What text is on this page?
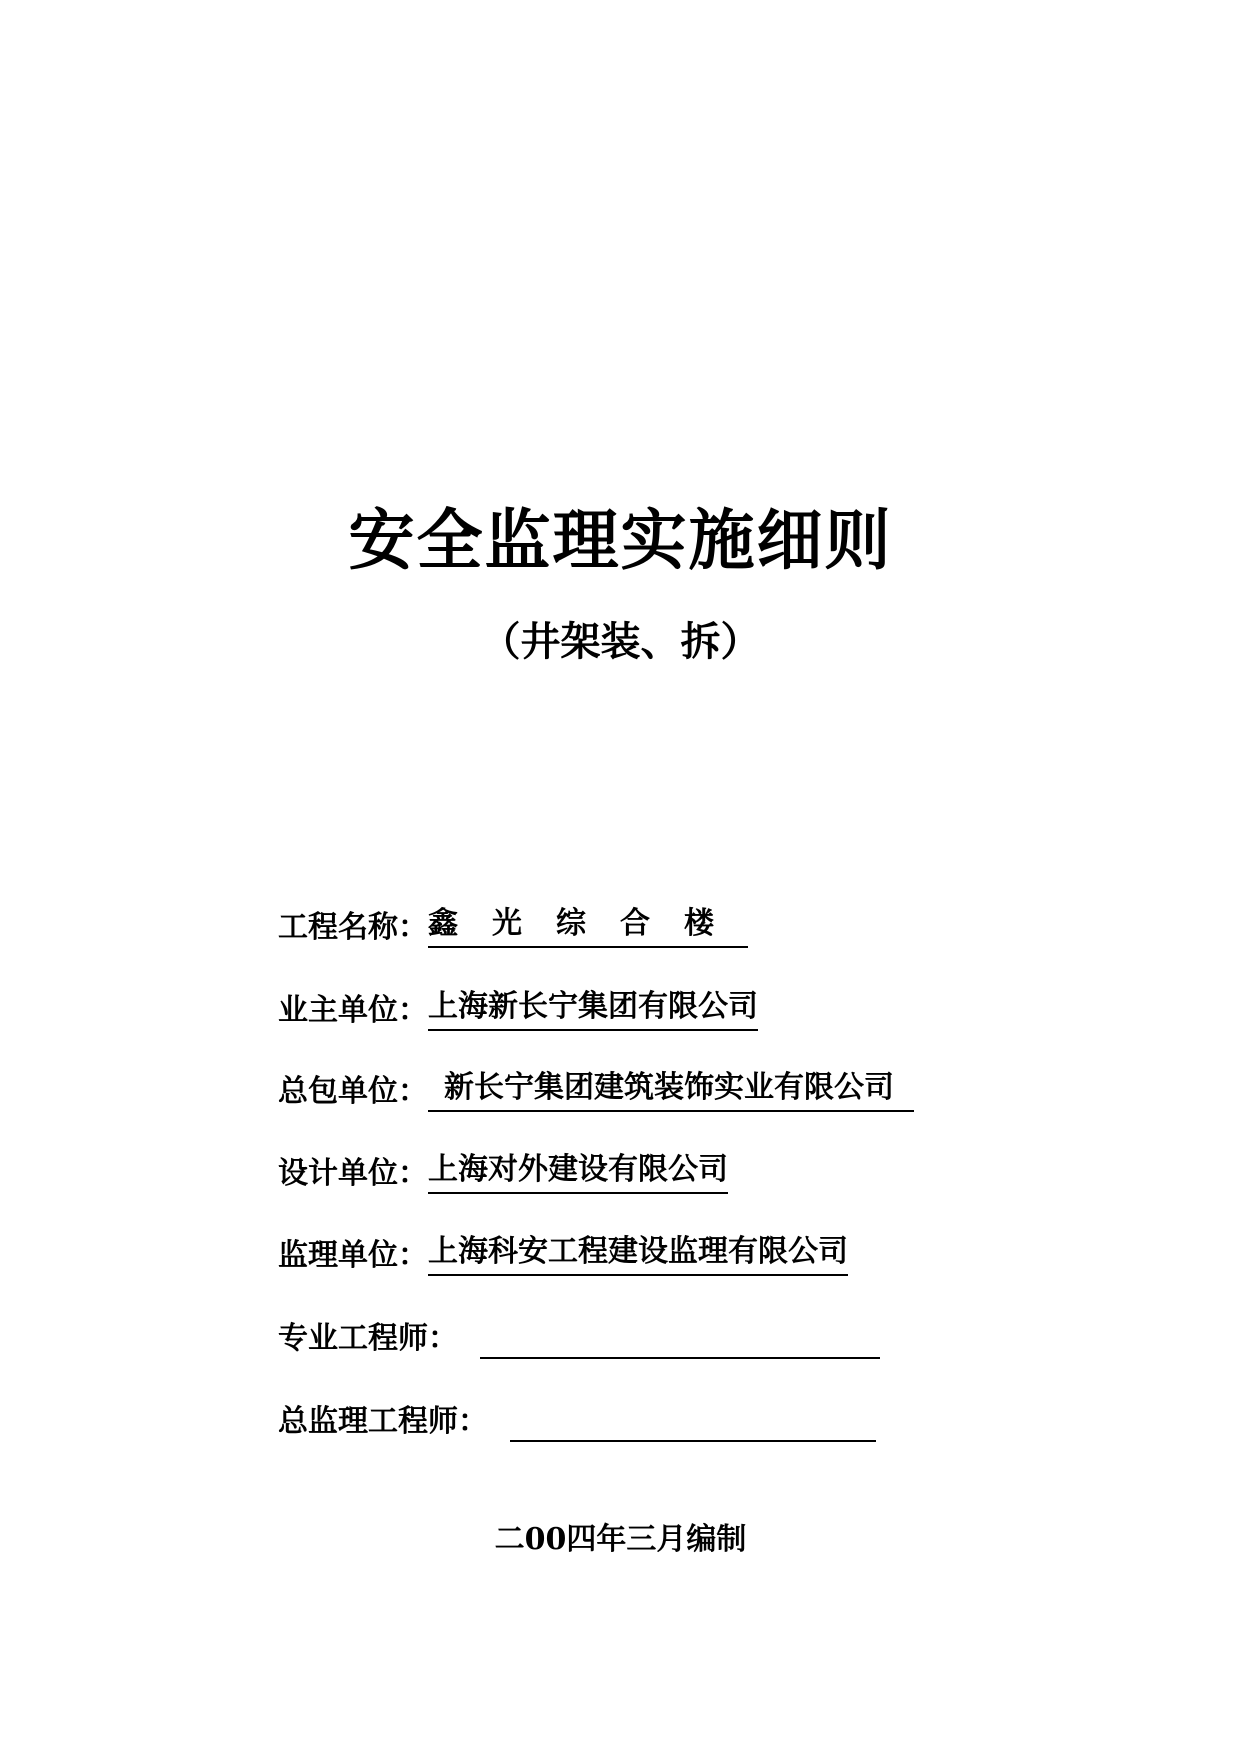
安全监理实施细则
（井架装、拆）
工程名称： 鑫光综合楼
业主单位： 上海新长宁集团有限公司
总包单位： 新长宁集团建筑装饰实业有限公司
设计单位： 上海对外建设有限公司
监理单位： 上海科安工程建设监理有限公司
专业工程师：
总监理工程师：
二00四年三月编制
